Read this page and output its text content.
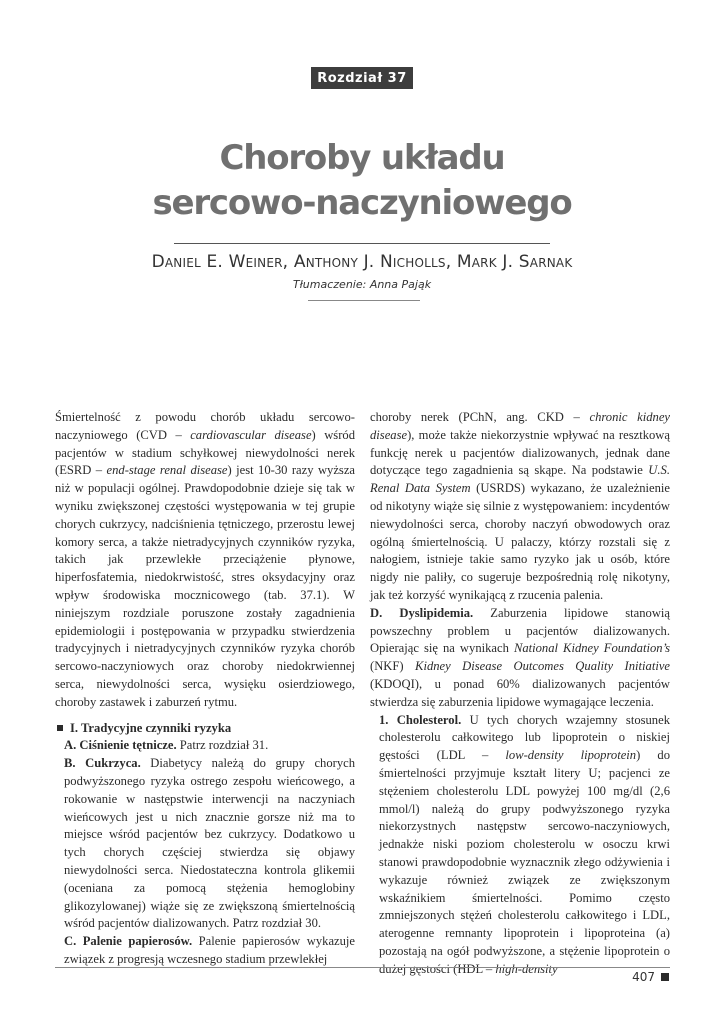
Rozdział 37
Choroby układu
sercowo-naczyniowego
Daniel E. Weiner, Anthony J. Nicholls, Mark J. Sarnak
Tłumaczenie: Anna Pająk

Śmiertelność z powodu chorób układu sercowo-naczyniowego (CVD – cardiovascular disease) wśród pacjentów w stadium schyłkowej niewydolności nerek (ESRD – end-stage renal disease) jest 10-30 razy wyższa niż w populacji ogólnej. Prawdopodobnie dzieje się tak w wyniku zwiększonej częstości występowania w tej grupie chorych cukrzycy, nadciśnienia tętniczego, przerostu lewej komory serca, a także nietradycyjnych czynników ryzyka, takich jak przewlekłe przeciążenie płynowe, hiperfosfatemia, niedokrwistość, stres oksydacyjny oraz wpływ środowiska mocznicowego (tab. 37.1). W niniejszym rozdziale poruszone zostały zagadnienia epidemiologii i postępowania w przypadku stwierdzenia tradycyjnych i nietradycyjnych czynników ryzyka chorób sercowo-naczyniowych oraz choroby niedokrwiennej serca, niewydolności serca, wysięku osierdziowego, choroby zastawek i zaburzeń rytmu.

I. Tradycyjne czynniki ryzyka

A. Ciśnienie tętnicze. Patrz rozdział 31.

B. Cukrzyca. Diabetycy należą do grupy chorych podwyższonego ryzyka ostrego zespołu wieńcowego, a rokowanie w następstwie interwencji na naczyniach wieńcowych jest u nich znacznie gorsze niż ma to miejsce wśród pacjentów bez cukrzycy. Dodatkowo u tych chorych częściej stwierdza się objawy niewydolności serca. Niedostateczna kontrola glikemii (oceniana za pomocą stężenia hemoglobiny glikozylowanej) wiąże się ze zwiększoną śmiertelnością wśród pacjentów dializowanych. Patrz rozdział 30.

C. Palenie papierosów. Palenie papierosów wykazuje związek z progresją wczesnego stadium przewlekłej

choroby nerek (PChN, ang. CKD – chronic kidney disease), może także niekorzystnie wpływać na resztkową funkcję nerek u pacjentów dializowanych, jednak dane dotyczące tego zagadnienia są skąpe. Na podstawie U.S. Renal Data System (USRDS) wykazano, że uzależnienie od nikotyny wiąże się silnie z występowaniem: incydentów niewydolności serca, choroby naczyń obwodowych oraz ogólną śmiertelnością. U palaczy, którzy rozstali się z nałogiem, istnieje takie samo ryzyko jak u osób, które nigdy nie paliły, co sugeruje bezpośrednią rolę nikotyny, jak też korzyść wynikającą z rzucenia palenia.

D. Dyslipidemia. Zaburzenia lipidowe stanowią powszechny problem u pacjentów dializowanych. Opierając się na wynikach National Kidney Foundation’s (NKF) Kidney Disease Outcomes Quality Initiative (KDOQI), u ponad 60% dializowanych pacjentów stwierdza się zaburzenia lipidowe wymagające leczenia.

1. Cholesterol. U tych chorych wzajemny stosunek cholesterolu całkowitego lub lipoprotein o niskiej gęstości (LDL – low-density lipoprotein) do śmiertelności przyjmuje kształt litery U; pacjenci ze stężeniem cholesterolu LDL powyżej 100 mg/dl (2,6 mmol/l) należą do grupy podwyższonego ryzyka niekorzystnych następstw sercowo-naczyniowych, jednakże niski poziom cholesterolu w osoczu krwi stanowi prawdopodobnie wyznacznik złego odżywienia i wykazuje również związek ze zwiększonym wskaźnikiem śmiertelności. Pomimo często zmniejszonych stężeń cholesterolu całkowitego i LDL, aterogenne remnanty lipoprotein i lipoproteina (a) pozostają na ogół podwyższone, a stężenie lipoprotein o dużej gęstości (HDL – high-density

407
